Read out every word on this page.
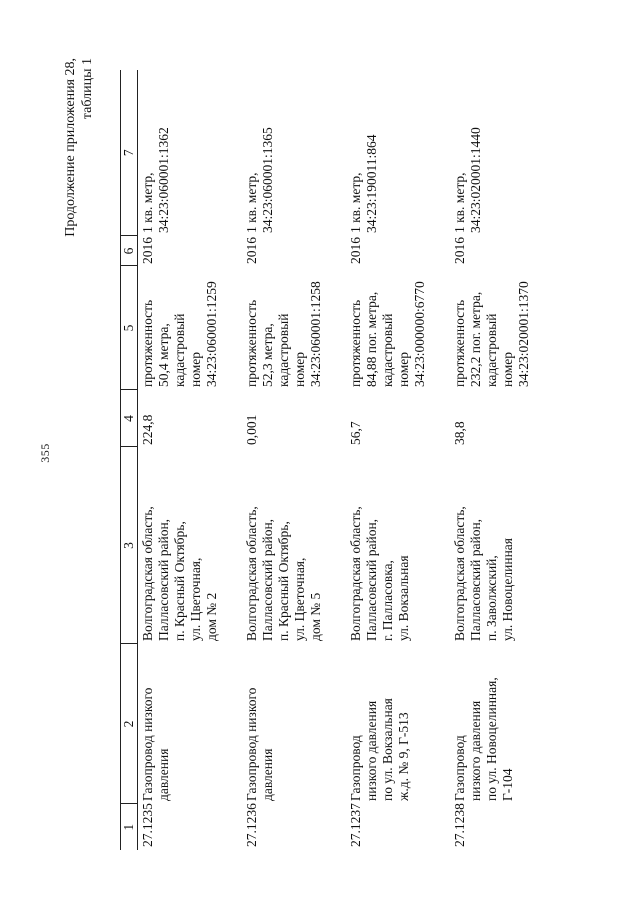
355
Продолжение приложения 28, таблицы 1
1	2	3	4	5	6	7
27.1235	Газопровод низкого давления	Волгоградская область, Палласовский район, п. Красный Октябрь, ул. Цветочная, дом № 2	224,8	протяженность 50,4 метра, кадастровый номер 34:23:060001:1259	2016	1 кв. метр, 34:23:060001:1362

27.1236	Газопровод низкого давления	Волгоградская область, Палласовский район, п. Красный Октябрь, ул. Цветочная, дом № 5	0,001	протяженность 52,3 метра, кадастровый номер 34:23:060001:1258	2016	1 кв. метр, 34:23:060001:1365

27.1237	Газопровод низкого давления по ул. Вокзальная ж.д. № 9, Г-513	Волгоградская область, Палласовский район, г. Палласовка, ул. Вокзальная	56,7	протяженность 84,88 пог. метра, кадастровый номер 34:23:000000:6770	2016	1 кв. метр, 34:23:190011:864

27.1238	Газопровод низкого давления по ул. Новоцелинная, Г-104	Волгоградская область, Палласовский район, п. Заволжский, ул. Новоцелинная	38,8	протяженность 232,2 пог. метра, кадастровый номер 34:23:020001:1370	2016	1 кв. метр, 34:23:020001:1440
